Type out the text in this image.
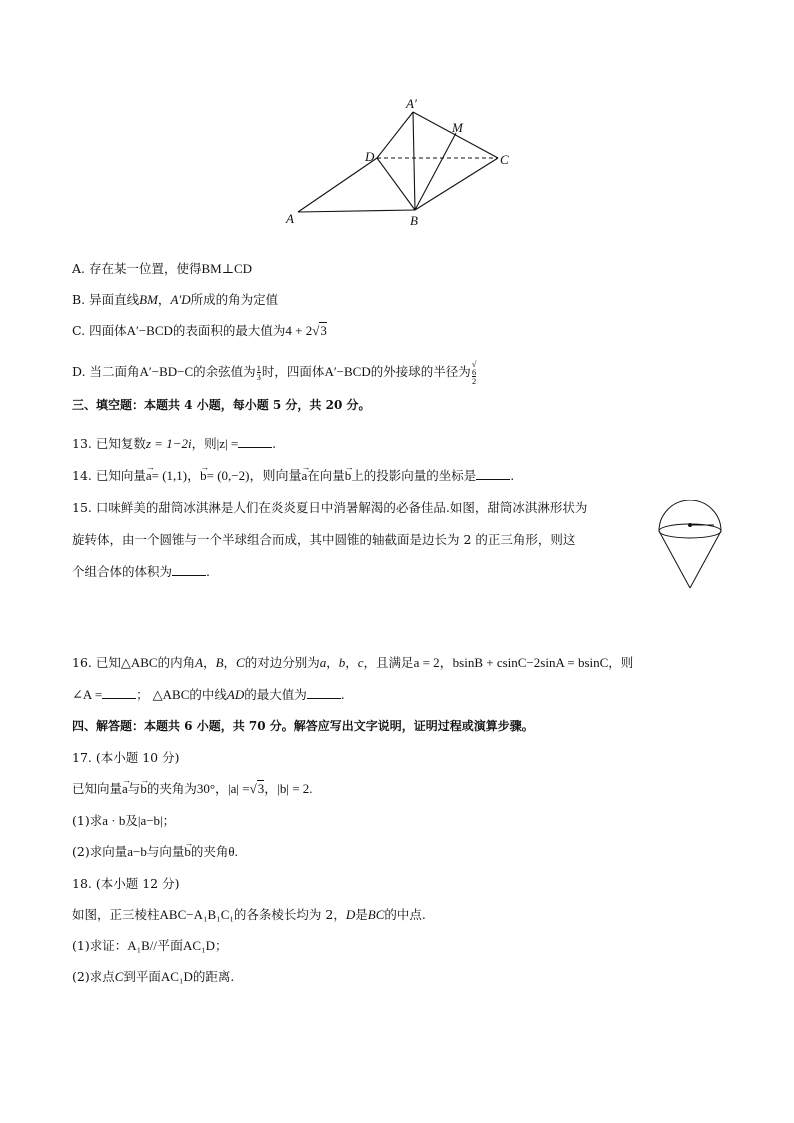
A′
M
D	C
A	B
A. 存在某一位置，使得BM⊥CD
B. 异面直线BM，A′D所成的角为定值
C. 四面体A′−BCD的表面积的最大值为4 + 2√3
D. 当二面角A′−BD−C的余弦值为 $\frac{1}{3}$ 时，四面体A′−BCD的外接球的半径为 √
6
2
三、填空题：本题共 4 小题，每小题 5 分，共 20 分。
13. 已知复数z = 1−2i，则|z| =	.
14. 已知向量→ a= (1,1)，→ b= (0,−2)，则向量→ a在向量→ b上的投影向量的坐标是	.
15. 口味鲜美的甜筒冰淇淋是人们在炎炎夏日中消暑解渴的必备佳品.如图，甜筒冰淇淋形状为
旋转体，由一个圆锥与一个半球组合而成，其中圆锥的轴截面是边长为 2 的正三角形，则这
个组合体的体积为	.
16. 已知△ABC的内角A，B，C的对边分别为a，b，c，且满足a = 2，bsinB + csinC−2sinA = bsinC，则
∠A =	； △ABC的中线AD的最大值为	.
四、解答题：本题共 6 小题，共 70 分。解答应写出文字说明，证明过程或演算步骤。
17. (本小题 10 分)
已知向量→ a与→ b的夹角为30°，|a| =√3，|b| = 2.
(1)求a · b及|a−b|；
(2)求向量a−b与向量→ b的夹角θ.
18. (本小题 12 分)
如图，正三棱柱ABC−A₁B₁C₁的各条棱长均为 2，D是BC的中点.
(1)求证：A₁B//平面AC₁D；
(2)求点C到平面AC₁D的距离.
